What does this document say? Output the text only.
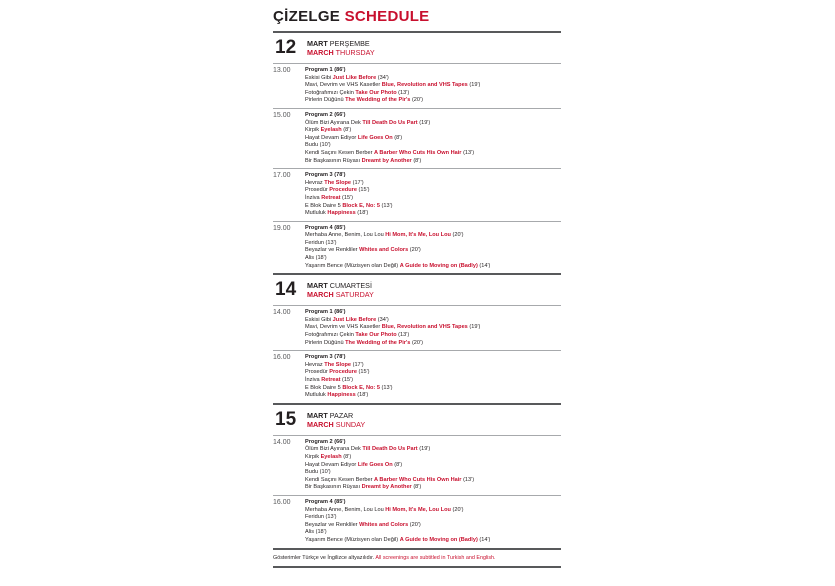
ÇİZELGE SCHEDULE
12	MART PERŞEMBE
MARCH THURSDAY
13.00	Program 1 (86')
Eskisi Gibi Just Like Before (34')
Mavi, Devrim ve VHS Kasetler Blue, Revolution and VHS Tapes (19')
Fotoğrafımızı Çekin Take Our Photo (13')
Pirlerin Düğünü The Wedding of the Pir's (20')
15.00	Program 2 (66')
Ölüm Bizi Ayırana Dek Till Death Do Us Part (19')
Kirpik Eyelash (8')
Hayat Devam Ediyor Life Goes On (8')
Budu (10')
Kendi Saçını Kesen Berber A Barber Who Cuts His Own Hair (13')
Bir Başkasının Rüyası Dreamt by Another (8')
17.00	Program 3 (78')
Hevraz The Slope (17')
Prosedür Procedure (15')
İnziva Retreat (15')
E Blok Daire 5 Block E, No: 5 (13')
Mutluluk Happiness (18')
19.00	Program 4 (85')
Merhaba Anne, Benim, Lou Lou Hi Mom, It's Me, Lou Lou (20')
Feridun (13')
Beyazlar ve Renkliler Whites and Colors (20')
Alis (18')
Yaşarım Bence (Müzisyen olan Değil) A Guide to Moving on (Badly) (14')
14	MART CUMARTESİ
MARCH SATURDAY
14.00	Program 1 (86')
Eskisi Gibi Just Like Before (34')
Mavi, Devrim ve VHS Kasetler Blue, Revolution and VHS Tapes (19')
Fotoğrafımızı Çekin Take Our Photo (13')
Pirlerin Düğünü The Wedding of the Pir's (20')
16.00	Program 3 (78')
Hevraz The Slope (17')
Prosedür Procedure (15')
İnziva Retreat (15')
E Blok Daire 5 Block E, No: 5 (13')
Mutluluk Happiness (18')
15	MART PAZAR
MARCH SUNDAY
14.00	Program 2 (66')
Ölüm Bizi Ayırana Dek Till Death Do Us Part (19')
Kirpik Eyelash (8')
Hayat Devam Ediyor Life Goes On (8')
Budu (10')
Kendi Saçını Kesen Berber A Barber Who Cuts His Own Hair (13')
Bir Başkasının Rüyası Dreamt by Another (8')
16.00	Program 4 (85')
Merhaba Anne, Benim, Lou Lou Hi Mom, It's Me, Lou Lou (20')
Feridun (13')
Beyazlar ve Renkliler Whites and Colors (20')
Alis (18')
Yaşarım Bence (Müzisyen olan Değil) A Guide to Moving on (Badly) (14')
Gösterimler Türkçe ve İngilizce altyazılıdır. All screenings are subtitled in Turkish and English.
